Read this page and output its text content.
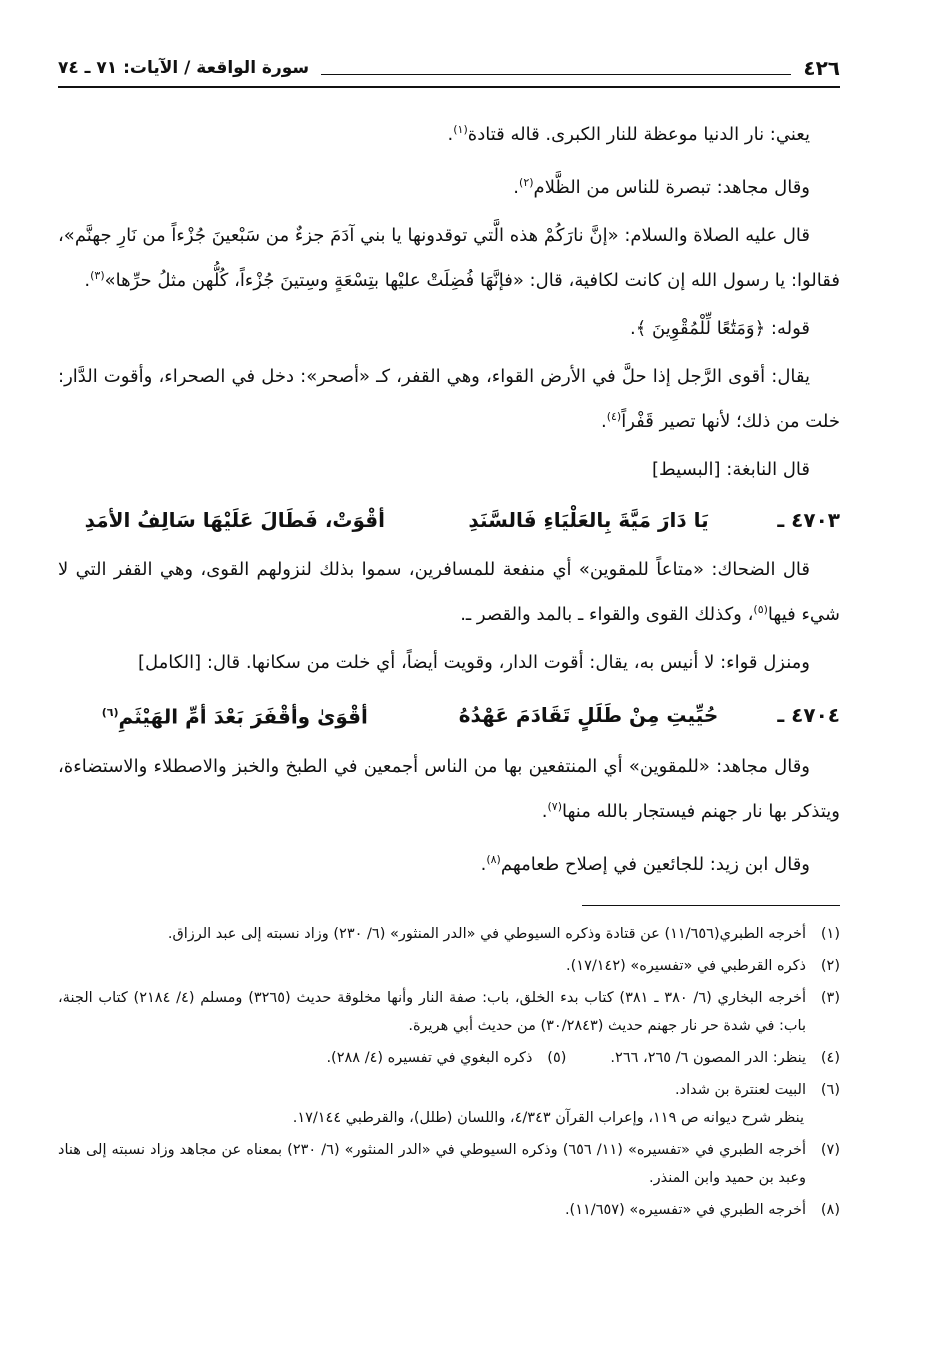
٤٢٦
سورة الواقعة / الآيات: ٧١ ـ ٧٤

يعني: نار الدنيا موعظة للنار الكبرى. قاله قتادة$^{(١)}$.

وقال مجاهد: تبصرة للناس من الظَّلام$^{(٢)}$.

قال عليه الصلاة والسلام: «إنَّ نارَكُمْ هذه الَّتي توقدونها يا بني آدَمَ جزءٌ من سَبْعينَ جُزْءاً من نَارِ جهنَّم»، فقالوا: يا رسول الله إن كانت لكافية، قال: «فإنَّهَا فُضِلَتْ عليْها بتِسْعَةٍ وسِتينَ جُزْءاً، كُلُّهن مثلُ حرِّها»$^{(٣)}$.

قوله: ﴿وَمَتَٰعًا لِّلْمُقْوِينَ ﴾.

يقال: أقوى الرَّجل إذا حلَّ في الأرض القواء، وهي القفر، كـ «أصحر»: دخل في الصحراء، وأقوت الدَّار: خلت من ذلك؛ لأنها تصير قَفْراً$^{(٤)}$.

قال النابغة: [البسيط]

٤٧٠٣ ـ
يَا دَارَ مَيَّةَ بِالعَلْيَاءِ فَالسَّنَدِ
أقْوَتْ، فَطَالَ عَلَيْهَا سَالِفُ الأمَدِ

قال الضحاك: «متاعاً للمقوين» أي منفعة للمسافرين، سموا بذلك لنزولهم القوى، وهي القفر التي لا شيء فيها$^{(٥)}$، وكذلك القوى والقواء ـ بالمد والقصر ـ.

ومنزل قواء: لا أنيس به، يقال: أقوت الدار، وقويت أيضاً، أي خلت من سكانها. قال: [الكامل]

٤٧٠٤ ـ
حُيِّيتِ مِنْ طَلَلٍ تَقَادَمَ عَهْدُهُ
أقْوَىٰ وأقْفَرَ بَعْدَ أمِّ الهَيْثَمِ$^{(٦)}$

وقال مجاهد: «للمقوين» أي المنتفعين بها من الناس أجمعين في الطبخ والخبز والاصطلاء والاستضاءة، ويتذكر بها نار جهنم فيستجار بالله منها$^{(٧)}$.

وقال ابن زيد: للجائعين في إصلاح طعامهم$^{(٨)}$.

(١)
أخرجه الطبري(١١/٦٥٦) عن قتادة وذكره السيوطي في «الدر المنثور» (٦/ ٢٣٠) وزاد نسبته إلى عبد الرزاق.
(٢)
ذكره القرطبي في «تفسيره» (١٧/١٤٢).
(٣)
أخرجه البخاري (٦/ ٣٨٠ ـ ٣٨١) كتاب بدء الخلق، باب: صفة النار وأنها مخلوقة حديث (٣٢٦٥) ومسلم (٤/ ٢١٨٤) كتاب الجنة، باب: في شدة حر نار جهنم حديث (٣٠/٢٨٤٣) من حديث أبي هريرة.
(٤)
ينظر: الدر المصون ٦/ ٢٦٥، ٢٦٦.
(٥)
ذكره البغوي في تفسيره (٤/ ٢٨٨).
(٦)
البيت لعنترة بن شداد.
ينظر شرح ديوانه ص ١١٩، وإعراب القرآن ٤/٣٤٣، واللسان (طلل)، والقرطبي ١٧/١٤٤.
(٧)
أخرجه الطبري في «تفسيره» (١١/ ٦٥٦) وذكره السيوطي في «الدر المنثور» (٦/ ٢٣٠) بمعناه عن مجاهد وزاد نسبته إلى هناد وعبد بن حميد وابن المنذر.
(٨)
أخرجه الطبري في «تفسيره» (١١/٦٥٧).
